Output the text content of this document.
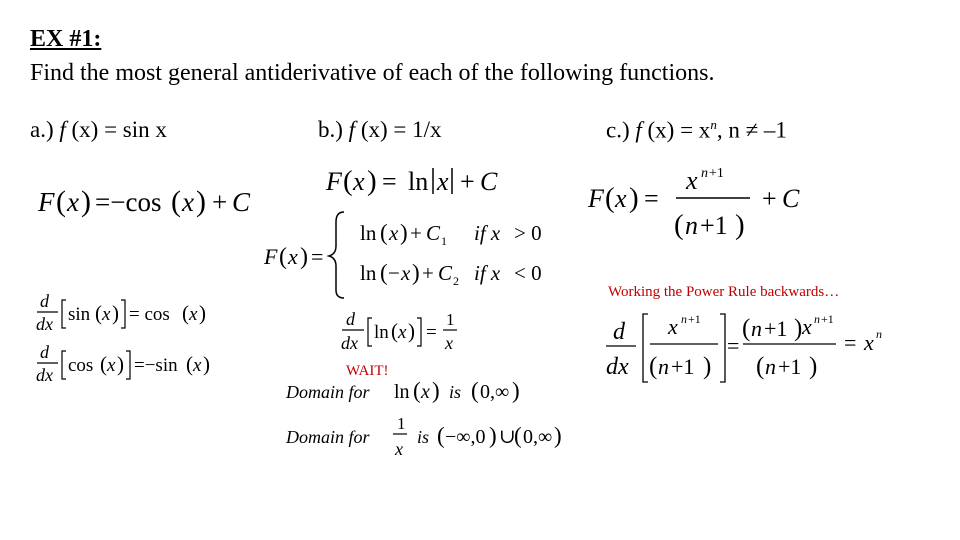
EX #1:
Find the most general antiderivative of each of the following functions.
a.) f (x) = sin x	b.) f (x) = 1/x	c.) f $(x) = x^n$, n ≠ –1
Working the Power Rule backwards…
WAIT!
F ( x ) =−cos ( x ) + C
d
dx sin ( x ) = cos ( x )
d
dx cos ( x ) =−sin ( x )
F ( x ) = ln x + C
F ( x ) =
ln ( x ) + C 1 if x > 0
ln ( − x ) + C 2 if x < 0
d
dx ln ( x ) =
1
x
Domain for ln ( x ) is ( 0,∞ )
Domain for
1
x
is ( −∞,0 ) ∪
( 0,∞ )
F ( x ) =
x n +1
( n +1 )
+ C
d
dx
x n +1
( n +1 )
=
( n +1 ) x n +1
( n +1 )
= x n
